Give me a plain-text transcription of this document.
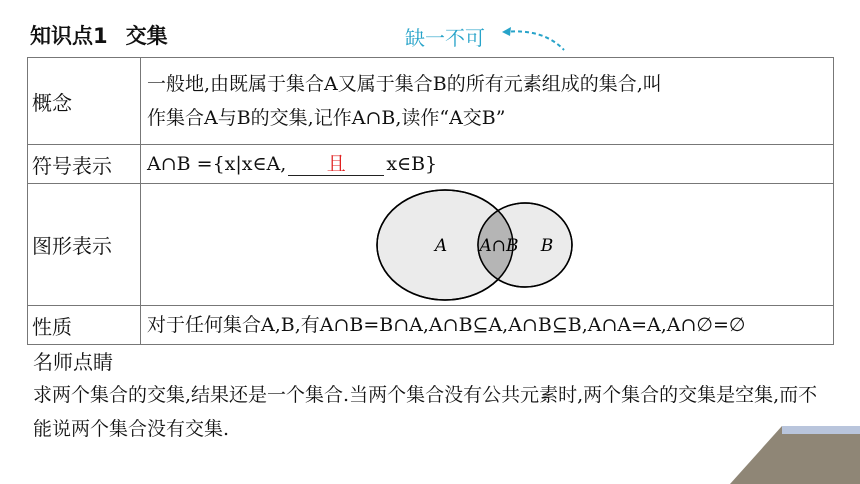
知识点1 交集	缺一不可
概念	一般地,由既属于集合A又属于集合B的所有元素组成的集合,叫
作集合A与B的交集,记作A∩B,读作“A交B”

符号表示	A∩B ={x|x∈A, 且 x∈B}
图形表示	A A∩B B

性质	对于任何集合A,B,有A∩B=B∩A,A∩B⊆A,A∩B⊆B,A∩A=A,A∩∅=∅
名师点睛
求两个集合的交集,结果还是一个集合.当两个集合没有公共元素时,两个集合的交集是空集,而不能说两个集合没有交集.
